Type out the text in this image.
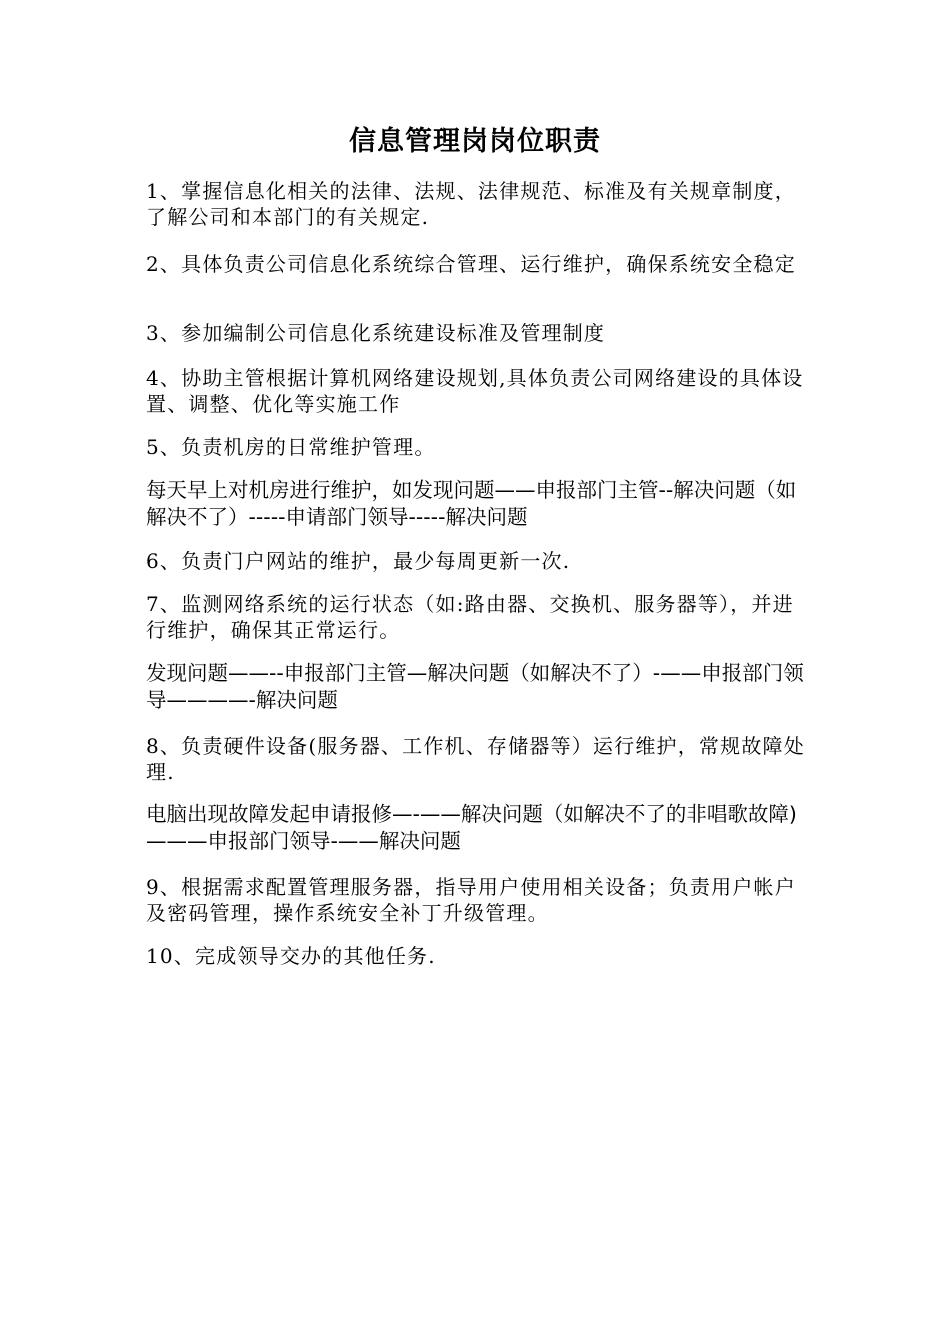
信息管理岗岗位职责

1、掌握信息化相关的法律、法规、法律规范、标准及有关规章制度，了解公司和本部门的有关规定.

2、具体负责公司信息化系统综合管理、运行维护，确保系统安全稳定

3、参加编制公司信息化系统建设标准及管理制度

4、协助主管根据计算机网络建设规划,具体负责公司网络建设的具体设置、调整、优化等实施工作

5、负责机房的日常维护管理。

每天早上对机房进行维护，如发现问题——申报部门主管--解决问题（如解决不了）-----申请部门领导-----解决问题

6、负责门户网站的维护，最少每周更新一次.

7、监测网络系统的运行状态（如:路由器、交换机、服务器等），并进行维护，确保其正常运行。

发现问题——--申报部门主管—解决问题（如解决不了）-——申报部门领导————-解决问题

8、负责硬件设备(服务器、工作机、存储器等）运行维护，常规故障处理.

电脑出现故障发起申请报修—-——解决问题（如解决不了的非唱歌故障)———申报部门领导-——解决问题

9、根据需求配置管理服务器，指导用户使用相关设备；负责用户帐户及密码管理，操作系统安全补丁升级管理。

10、完成领导交办的其他任务.
